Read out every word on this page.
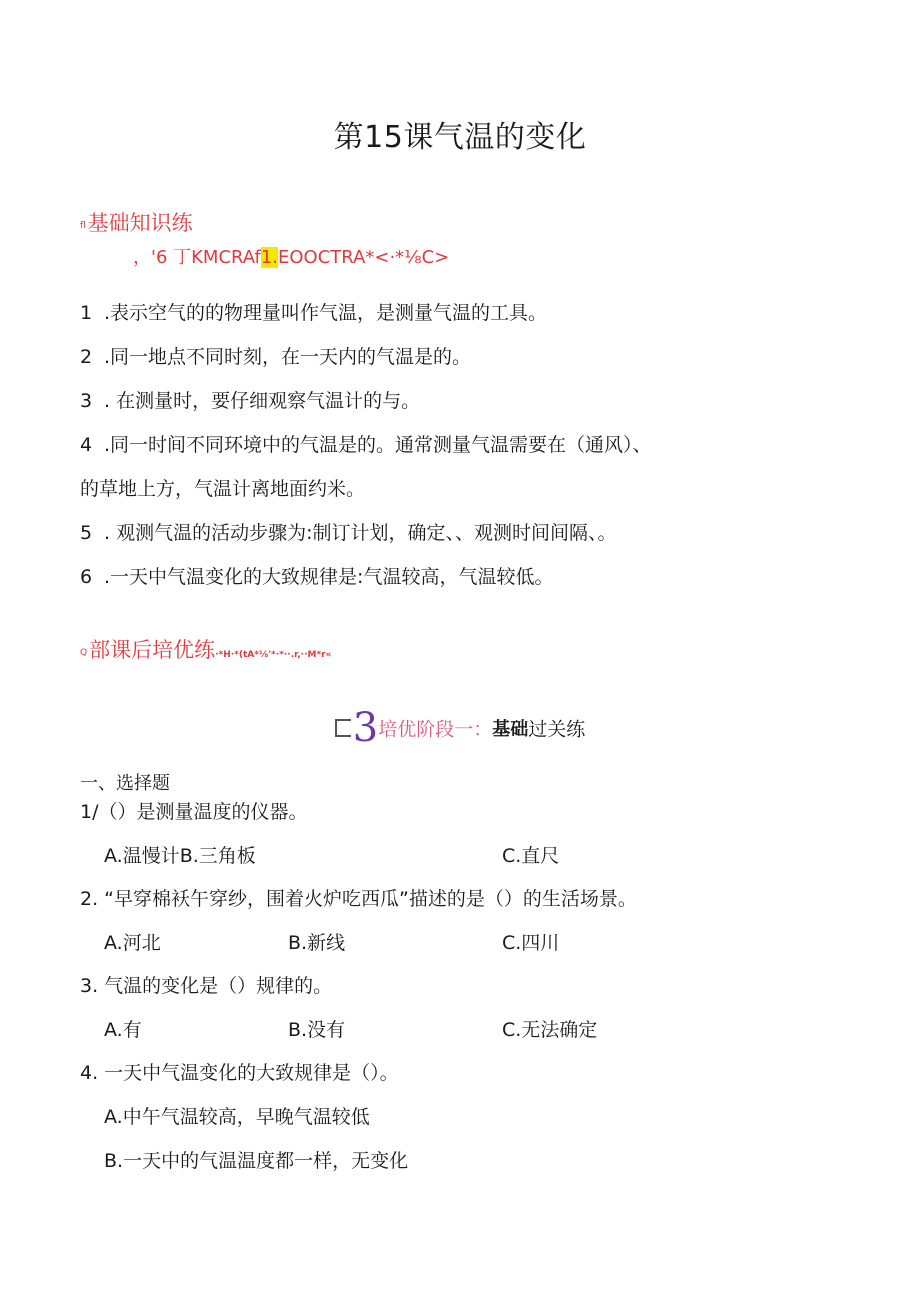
第15课气温的变化
fl基础知识练
，'6 丁KMCRAf1.EOOCTRA*<·*⅛C>
1 .表示空气的的物理量叫作气温，是测量气温的工具。
2 .同一地点不同时刻，在一天内的气温是的。
3 . 在测量时，要仔细观察气温计的与。
4 .同一时间不同环境中的气温是的。通常测量气温需要在（通风）、
的草地上方，气温计离地面约米。
5 . 观测气温的活动步骤为:制订计划，确定、、观测时间间隔、。
6 .一天中气温变化的大致规律是:气温较高，气温较低。
Q部课后培优练·*H·*(tA*⅛'*·*··.r,··M*r«
3培优阶段一：基础过关练
一、选择题
1/（）是测量温度的仪器。
A.温慢计B.三角板	C.直尺
2. “早穿棉袄午穿纱，围着火炉吃西瓜”描述的是（）的生活场景。
A.河北	B.新线	C.四川
3. 气温的变化是（）规律的。
A.有	B.没有	C.无法确定
4. 一天中气温变化的大致规律是（）。
A.中午气温较高，早晚气温较低
B.一天中的气温温度都一样，无变化
